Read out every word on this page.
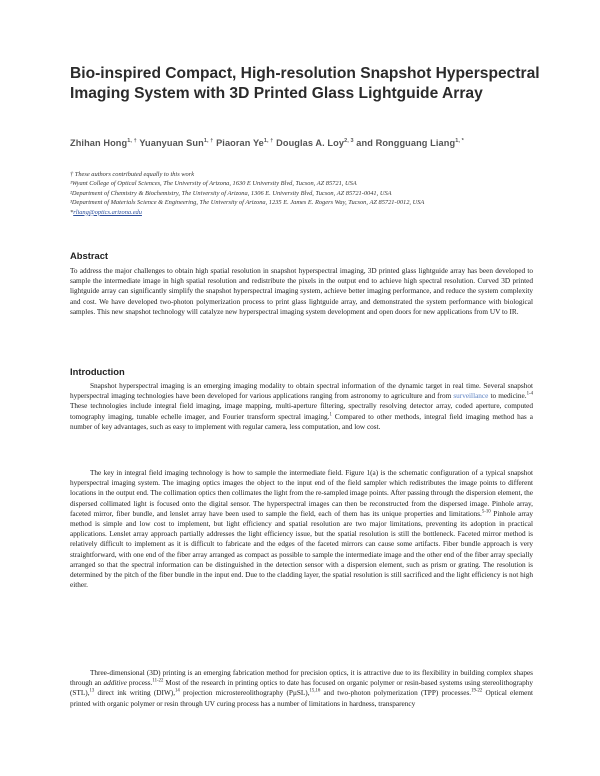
Bio-inspired Compact, High-resolution Snapshot Hyperspectral Imaging System with 3D Printed Glass Lightguide Array
Zhihan Hong$^{1, \dagger}$ Yuanyuan Sun$^{1, \dagger}$ Piaoran $Ye^{1, \dagger}$ Douglas A. Loy$^{2, 3}$ and Rongguang Liang$^{1, *}$
† These authors contributed equally to this work
¹Wyant College of Optical Sciences, The University of Arizona, 1630 E University Blvd, Tucson, AZ 85721, USA
²Department of Chemistry & Biochemistry, The University of Arizona, 1306 E. University Blvd, Tucson, AZ 85721-0041, USA
³Department of Materials Science & Engineering, The University of Arizona, 1235 E. James E. Rogers Way, Tucson, AZ 85721-0012, USA
*rliang@optics.arizona.edu
Abstract

To address the major challenges to obtain high spatial resolution in snapshot hyperspectral imaging, 3D printed glass lightguide array has been developed to sample the intermediate image in high spatial resolution and redistribute the pixels in the output end to achieve high spectral resolution. Curved 3D printed lightguide array can significantly simplify the snapshot hyperspectral imaging system, achieve better imaging performance, and reduce the system complexity and cost. We have developed two-photon polymerization process to print glass lightguide array, and demonstrated the system performance with biological samples. This new snapshot technology will catalyze new hyperspectral imaging system development and open doors for new applications from UV to IR.

Introduction

Snapshot hyperspectral imaging is an emerging imaging modality to obtain spectral information of the dynamic target in real time. Several snapshot hyperspectral imaging technologies have been developed for various applications ranging from astronomy to agriculture and from surveillance to medicine.$^{1-4}$ These technologies include integral field imaging, image mapping, multi-aperture filtering, spectrally resolving detector array, coded aperture, computed tomography imaging, tunable echelle imager, and Fourier transform spectral imaging.$^1$ Compared to other methods, integral field imaging method has a number of key advantages, such as easy to implement with regular camera, less computation, and low cost.

The key in integral field imaging technology is how to sample the intermediate field. Figure 1(a) is the schematic configuration of a typical snapshot hyperspectral imaging system. The imaging optics images the object to the input end of the field sampler which redistributes the image points to different locations in the output end. The collimation optics then collimates the light from the re-sampled image points. After passing through the dispersion element, the dispersed collimated light is focused onto the digital sensor. The hyperspectral images can then be reconstructed from the dispersed image. Pinhole array, faceted mirror, fiber bundle, and lenslet array have been used to sample the field, each of them has its unique properties and limitations.$^{5-10}$ Pinhole array method is simple and low cost to implement, but light efficiency and spatial resolution are two major limitations, preventing its adoption in practical applications. Lenslet array approach partially addresses the light efficiency issue, but the spatial resolution is still the bottleneck. Faceted mirror method is relatively difficult to implement as it is difficult to fabricate and the edges of the faceted mirrors can cause some artifacts. Fiber bundle approach is very straightforward, with one end of the fiber array arranged as compact as possible to sample the intermediate image and the other end of the fiber array specially arranged so that the spectral information can be distinguished in the detection sensor with a dispersion element, such as prism or grating. The resolution is determined by the pitch of the fiber bundle in the input end. Due to the cladding layer, the spatial resolution is still sacrificed and the light efficiency is not high either.

Three-dimensional (3D) printing is an emerging fabrication method for precision optics, it is attractive due to its flexibility in building complex shapes through an additive process.$^{11-22}$ Most of the research in printing optics to date has focused on organic polymer or resin-based systems using stereolithography (STL),$^{13}$ direct ink writing (DIW),$^{14}$ projection microstereolithography (PμSL),$^{15,16}$ and two-photon polymerization (TPP) processes.$^{19-22}$ Optical element printed with organic polymer or resin through UV curing process has a number of limitations in hardness, transparency
